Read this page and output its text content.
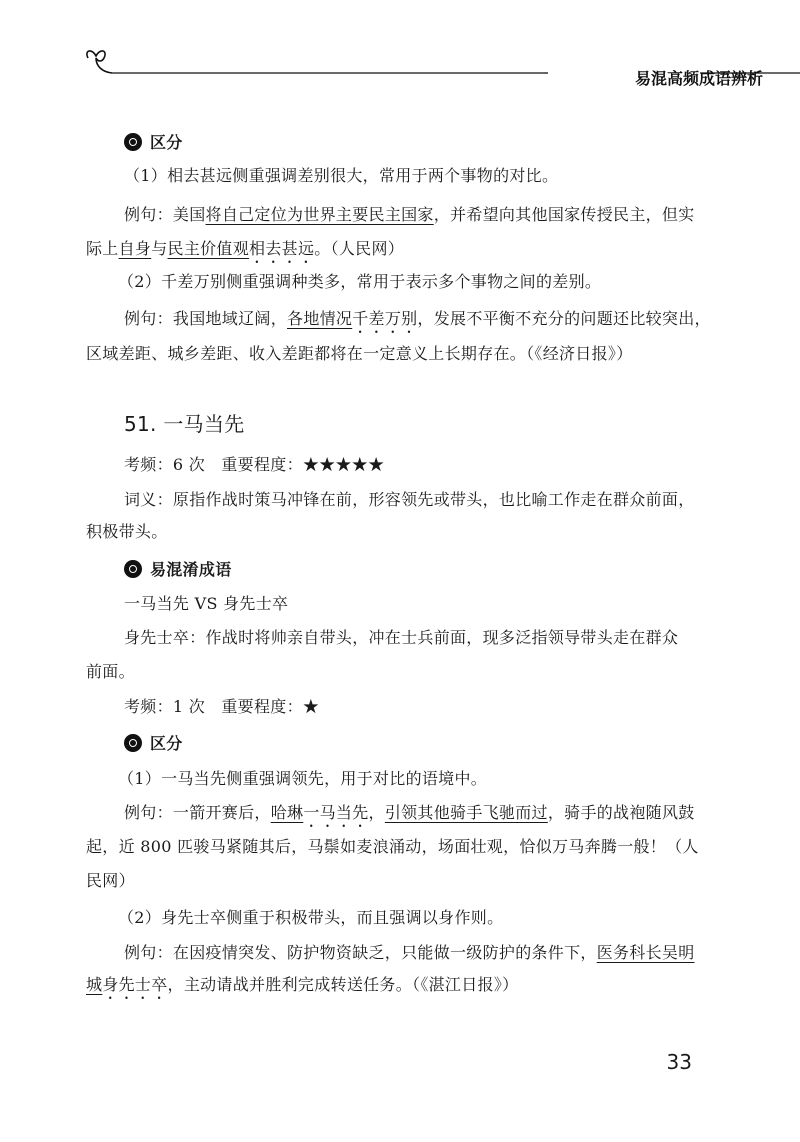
易混高频成语辨析
区分
（1）相去甚远侧重强调差别很大，常用于两个事物的对比。
例句：美国将自己定位为世界主要民主国家，并希望向其他国家传授民主，但实
际上自身与民主价值观相去甚远。（人民网）
（2）千差万别侧重强调种类多，常用于表示多个事物之间的差别。
例句：我国地域辽阔，各地情况千差万别，发展不平衡不充分的问题还比较突出，
区域差距、城乡差距、收入差距都将在一定意义上长期存在。（《经济日报》）
51. 一马当先
考频：6 次　重要程度：★★★★★
词义：原指作战时策马冲锋在前，形容领先或带头，也比喻工作走在群众前面，
积极带头。
易混淆成语
一马当先 VS 身先士卒
身先士卒：作战时将帅亲自带头，冲在士兵前面，现多泛指领导带头走在群众
前面。
考频：1 次　重要程度：★
区分
（1）一马当先侧重强调领先，用于对比的语境中。
例句：一箭开赛后，哈琳一马当先，引领其他骑手飞驰而过，骑手的战袍随风鼓
起，近 800 匹骏马紧随其后，马鬃如麦浪涌动，场面壮观，恰似万马奔腾一般！（人
民网）
（2）身先士卒侧重于积极带头，而且强调以身作则。
例句：在因疫情突发、防护物资缺乏，只能做一级防护的条件下，医务科长吴明
城身先士卒，主动请战并胜利完成转送任务。（《湛江日报》）
33
